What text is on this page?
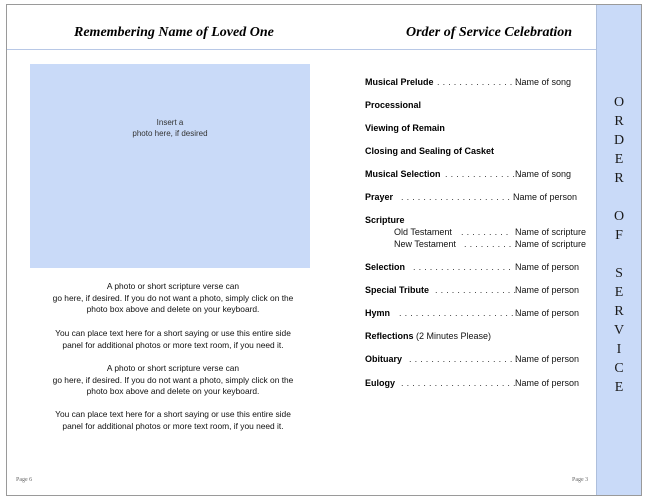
Remembering Name of Loved One	Order of Service Celebration
Insert a
photo here, if desired
A photo or short scripture verse can
go here, if desired. If you do not want a photo, simply click on the
photo box above and delete on your keyboard.
You can place text here for a short saying or use this entire side
panel for additional photos or more text room, if you need it.
A photo or short scripture verse can
go here, if desired. If you do not want a photo, simply click on the
photo box above and delete on your keyboard.
You can place text here for a short saying or use this entire side
panel for additional photos or more text room, if you need it.
Musical Prelude . . . . . . . . . . . . . . . . .
Name of song
Processional
Viewing of Remain
Closing and Sealing of Casket
Musical Selection . . . . . . . . . . . . . .
Name of song
Prayer . . . . . . . . . . . . . . . . . . . . .
Name of person
Scripture
Old Testament . . . . . . . . . Name of scripture
New Testament . . . . . . . . . .
Name of scripture
Selection . . . . . . . . . . . . . . . . . . Name of person
Special Tribute . . . . . . . . . . . . . . .
Name of person
Hymn . . . . . . . . . . . . . . . . . . . . . . .
Name of person
Reflections (2 Minutes Please)
Obituary . . . . . . . . . . . . . . . . . . . .
Name of person
Eulogy . . . . . . . . . . . . . . . . . . . . . Name of person
O
R
D
E
R
O
F
S
E
R
V
I
C
E
Page 6	Page 3
